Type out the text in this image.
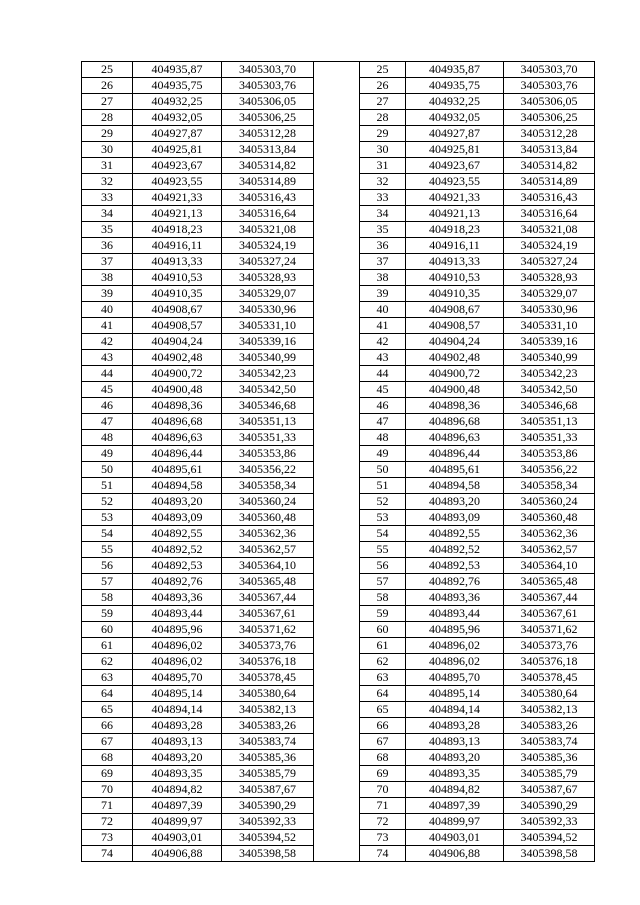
25	404935,87	3405303,70		25	404935,87	3405303,70
26	404935,75	3405303,76		26	404935,75	3405303,76
27	404932,25	3405306,05		27	404932,25	3405306,05
28	404932,05	3405306,25		28	404932,05	3405306,25
29	404927,87	3405312,28		29	404927,87	3405312,28
30	404925,81	3405313,84		30	404925,81	3405313,84
31	404923,67	3405314,82		31	404923,67	3405314,82
32	404923,55	3405314,89		32	404923,55	3405314,89
33	404921,33	3405316,43		33	404921,33	3405316,43
34	404921,13	3405316,64		34	404921,13	3405316,64
35	404918,23	3405321,08		35	404918,23	3405321,08
36	404916,11	3405324,19		36	404916,11	3405324,19
37	404913,33	3405327,24		37	404913,33	3405327,24
38	404910,53	3405328,93		38	404910,53	3405328,93
39	404910,35	3405329,07		39	404910,35	3405329,07
40	404908,67	3405330,96		40	404908,67	3405330,96
41	404908,57	3405331,10		41	404908,57	3405331,10
42	404904,24	3405339,16		42	404904,24	3405339,16
43	404902,48	3405340,99		43	404902,48	3405340,99
44	404900,72	3405342,23		44	404900,72	3405342,23
45	404900,48	3405342,50		45	404900,48	3405342,50
46	404898,36	3405346,68		46	404898,36	3405346,68
47	404896,68	3405351,13		47	404896,68	3405351,13
48	404896,63	3405351,33		48	404896,63	3405351,33
49	404896,44	3405353,86		49	404896,44	3405353,86
50	404895,61	3405356,22		50	404895,61	3405356,22
51	404894,58	3405358,34		51	404894,58	3405358,34
52	404893,20	3405360,24		52	404893,20	3405360,24
53	404893,09	3405360,48		53	404893,09	3405360,48
54	404892,55	3405362,36		54	404892,55	3405362,36
55	404892,52	3405362,57		55	404892,52	3405362,57
56	404892,53	3405364,10		56	404892,53	3405364,10
57	404892,76	3405365,48		57	404892,76	3405365,48
58	404893,36	3405367,44		58	404893,36	3405367,44
59	404893,44	3405367,61		59	404893,44	3405367,61
60	404895,96	3405371,62		60	404895,96	3405371,62
61	404896,02	3405373,76		61	404896,02	3405373,76
62	404896,02	3405376,18		62	404896,02	3405376,18
63	404895,70	3405378,45		63	404895,70	3405378,45
64	404895,14	3405380,64		64	404895,14	3405380,64
65	404894,14	3405382,13		65	404894,14	3405382,13
66	404893,28	3405383,26		66	404893,28	3405383,26
67	404893,13	3405383,74		67	404893,13	3405383,74
68	404893,20	3405385,36		68	404893,20	3405385,36
69	404893,35	3405385,79		69	404893,35	3405385,79
70	404894,82	3405387,67		70	404894,82	3405387,67
71	404897,39	3405390,29		71	404897,39	3405390,29
72	404899,97	3405392,33		72	404899,97	3405392,33
73	404903,01	3405394,52		73	404903,01	3405394,52
74	404906,88	3405398,58		74	404906,88	3405398,58
